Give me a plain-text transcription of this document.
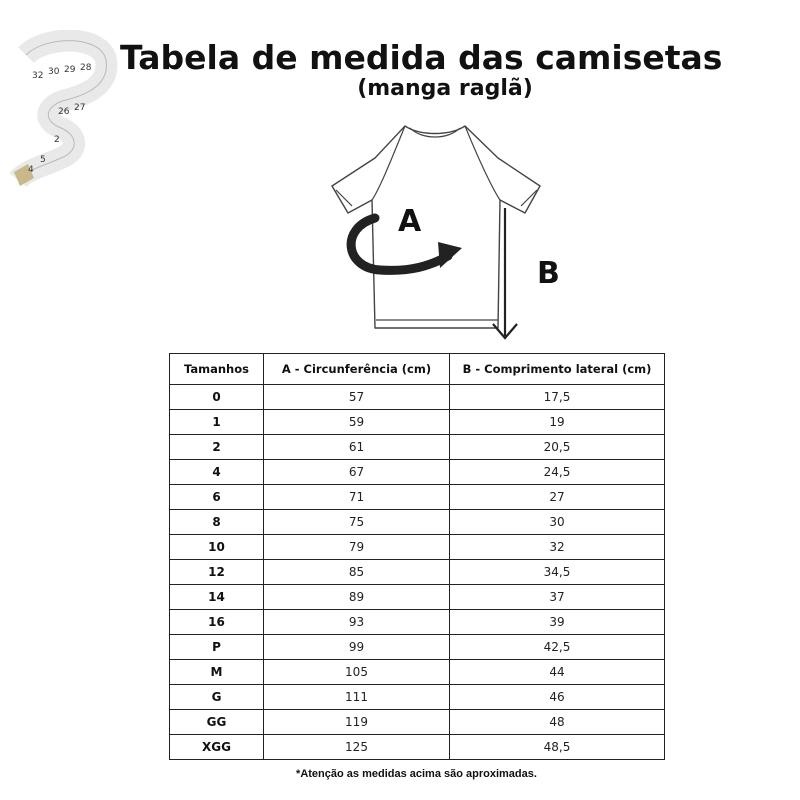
Tabela de medida das camisetas
(manga raglã)
32 30 29 28
27
26
2
5
4
A
B
Tamanhos	A - Circunferência (cm)	B - Comprimento lateral (cm)
0	57	17,5
1	59	19
2	61	20,5
4	67	24,5
6	71	27
8	75	30
10	79	32
12	85	34,5
14	89	37
16	93	39
P	99	42,5
M	105	44
G	111	46
GG	119	48
XGG	125	48,5

*Atenção as medidas acima são aproximadas.
